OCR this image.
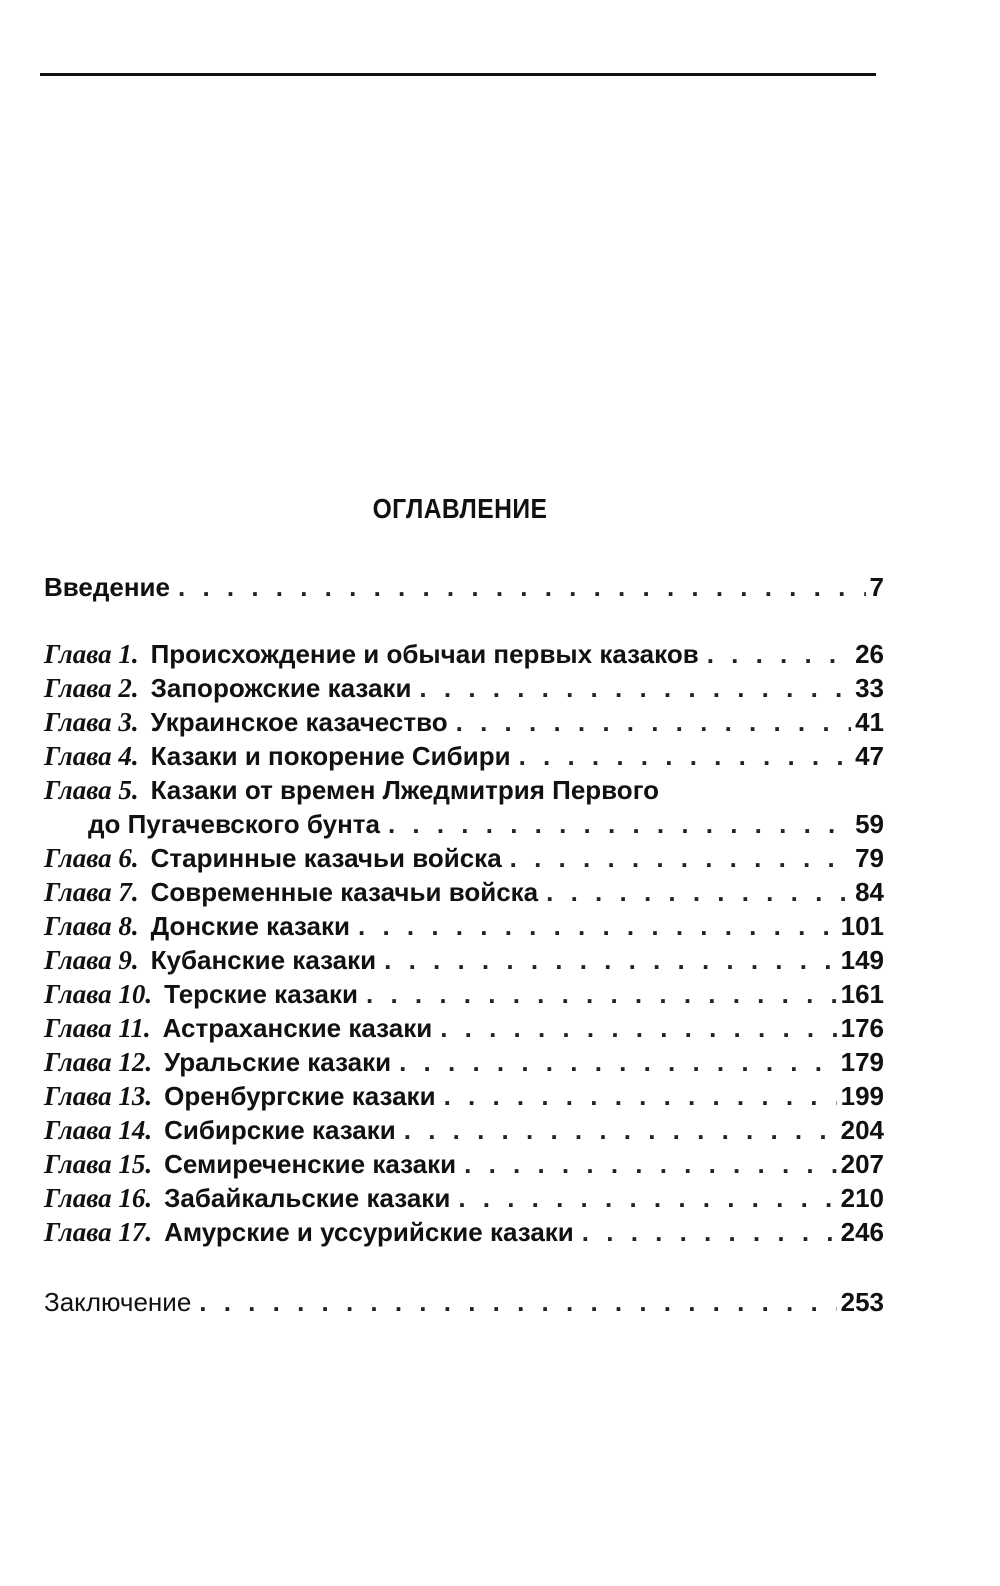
ОГЛАВЛЕНИЕ
Введение . . .	7
Глава 1. Происхождение и обычаи первых казаков . . .	26
Глава 2. Запорожские казаки . . .	33
Глава 3. Украинское казачество . . .	41
Глава 4. Казаки и покорение Сибири . . .	47
Глава 5. Казаки от времен Лжедмитрия Первого
до Пугачевского бунта . . .	59
Глава 6. Старинные казачьи войска . . .	79
Глава 7. Современные казачьи войска . . .	84
Глава 8. Донские казаки . . .	101
Глава 9. Кубанские казаки . . .	149
Глава 10. Терские казаки . . .	161
Глава 11. Астраханские казаки . . .	176
Глава 12. Уральские казаки . . .	179
Глава 13. Оренбургские казаки . . .	199
Глава 14. Сибирские казаки . . .	204
Глава 15. Семиреченские казаки . . .	207
Глава 16. Забайкальские казаки . . .	210
Глава 17. Амурские и уссурийские казаки . . .	246
Заключение . . .	253
